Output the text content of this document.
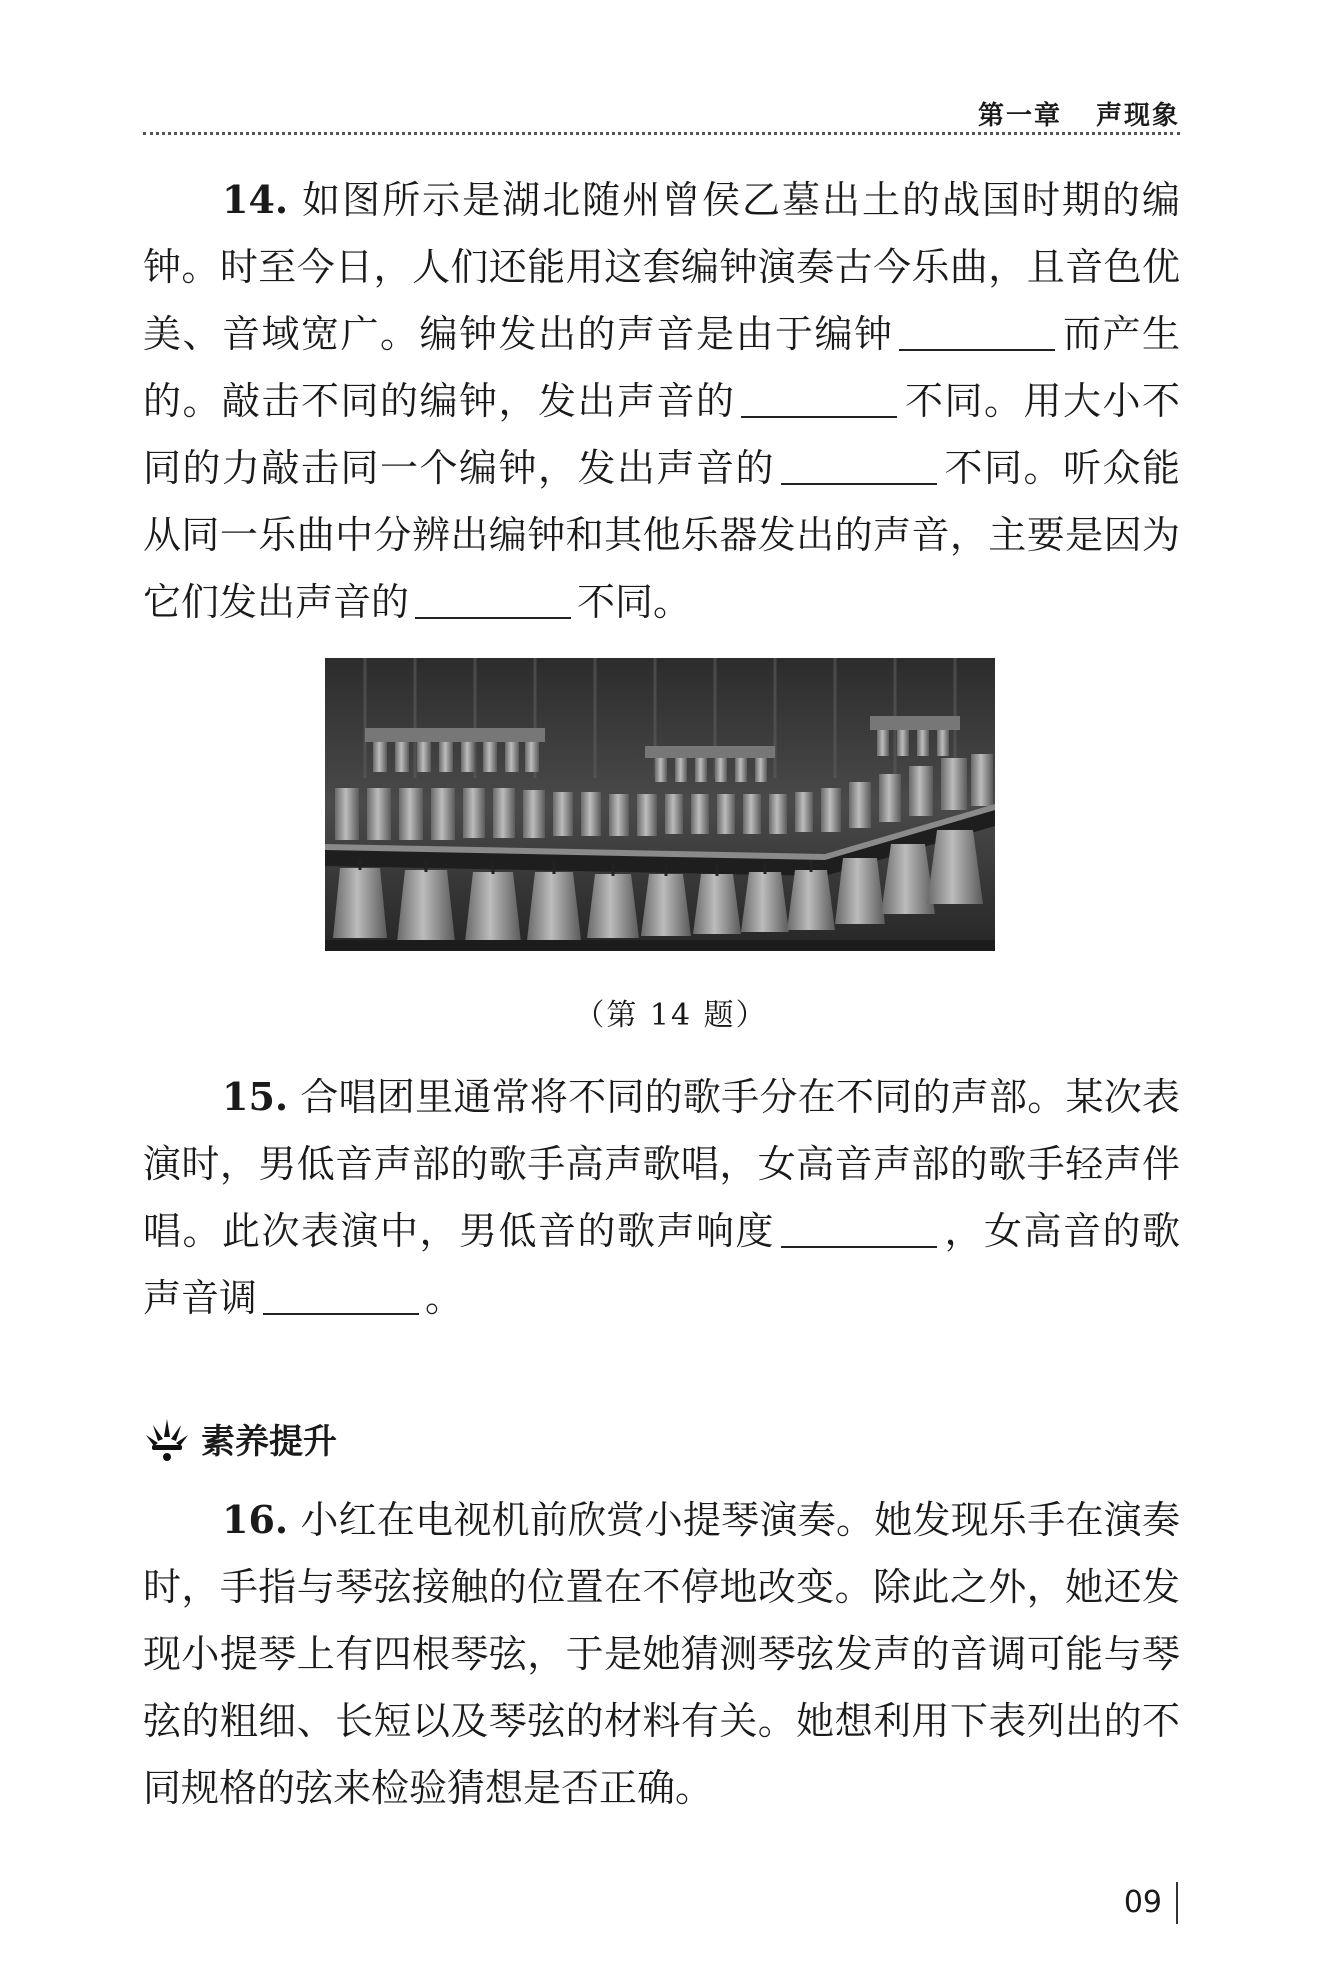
第一章 声现象
14. 如图所示是湖北随州曾侯乙墓出土的战国时期的编钟。时至今日，人们还能用这套编钟演奏古今乐曲，且音色优美、音域宽广。编钟发出的声音是由于编钟	而产生的。敲击不同的编钟，发出声音的	不同。用大小不同的力敲击同一个编钟，发出声音的	不同。听众能从同一乐曲中分辨出编钟和其他乐器发出的声音，主要是因为它们发出声音的	不同。
（第 14 题）
15. 合唱团里通常将不同的歌手分在不同的声部。某次表演时，男低音声部的歌手高声歌唱，女高音声部的歌手轻声伴唱。此次表演中，男低音的歌声响度	，女高音的歌声音调	。
素养提升
16. 小红在电视机前欣赏小提琴演奏。她发现乐手在演奏时，手指与琴弦接触的位置在不停地改变。除此之外，她还发现小提琴上有四根琴弦，于是她猜测琴弦发声的音调可能与琴弦的粗细、长短以及琴弦的材料有关。她想利用下表列出的不同规格的弦来检验猜想是否正确。
09
